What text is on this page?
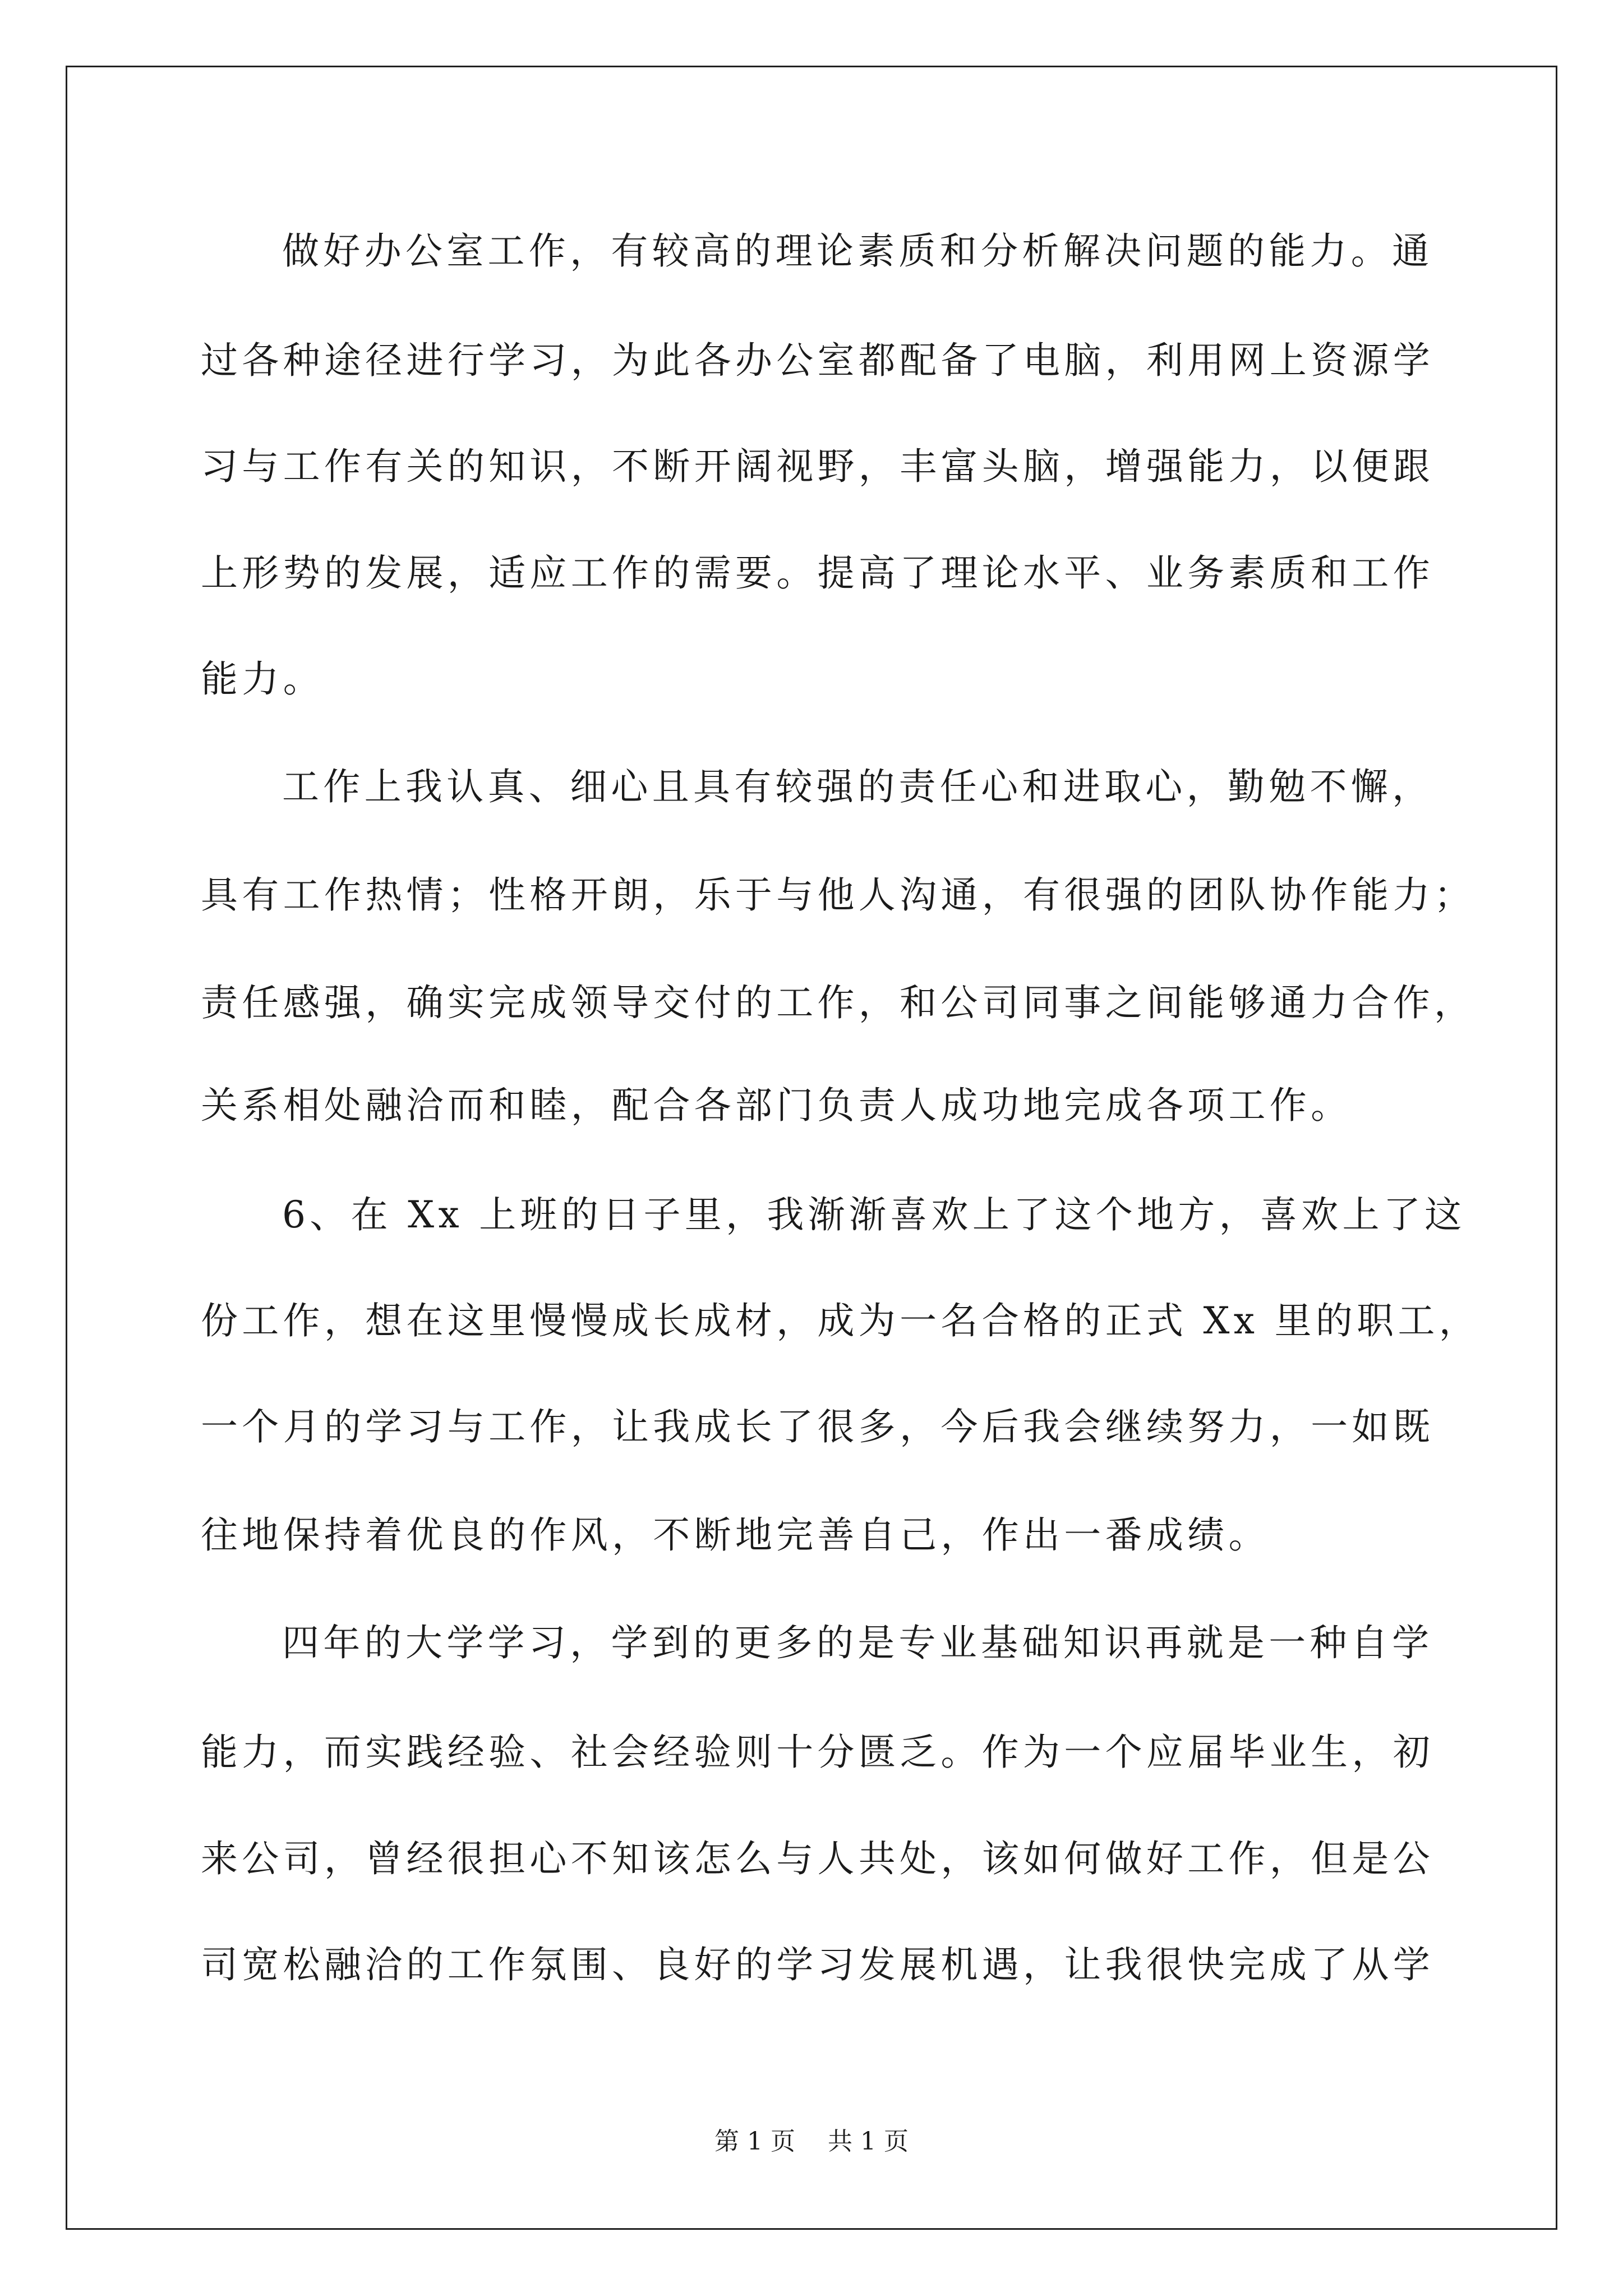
做好办公室工作，有较高的理论素质和分析解决问题的能力。通
过各种途径进行学习，为此各办公室都配备了电脑，利用网上资源学
习与工作有关的知识，不断开阔视野，丰富头脑，增强能力，以便跟
上形势的发展，适应工作的需要。提高了理论水平、业务素质和工作
能力。
工作上我认真、细心且具有较强的责任心和进取心，勤勉不懈，
具有工作热情；性格开朗，乐于与他人沟通，有很强的团队协作能力；
责任感强，确实完成领导交付的工作，和公司同事之间能够通力合作，
关系相处融洽而和睦，配合各部门负责人成功地完成各项工作。
6、在 Xx 上班的日子里，我渐渐喜欢上了这个地方，喜欢上了这
份工作，想在这里慢慢成长成材，成为一名合格的正式 Xx 里的职工，
一个月的学习与工作，让我成长了很多，今后我会继续努力，一如既
往地保持着优良的作风，不断地完善自己，作出一番成绩。
四年的大学学习，学到的更多的是专业基础知识再就是一种自学
能力，而实践经验、社会经验则十分匮乏。作为一个应届毕业生，初
来公司，曾经很担心不知该怎么与人共处，该如何做好工作，但是公
司宽松融洽的工作氛围、良好的学习发展机遇，让我很快完成了从学
第 1 页 共 1 页
